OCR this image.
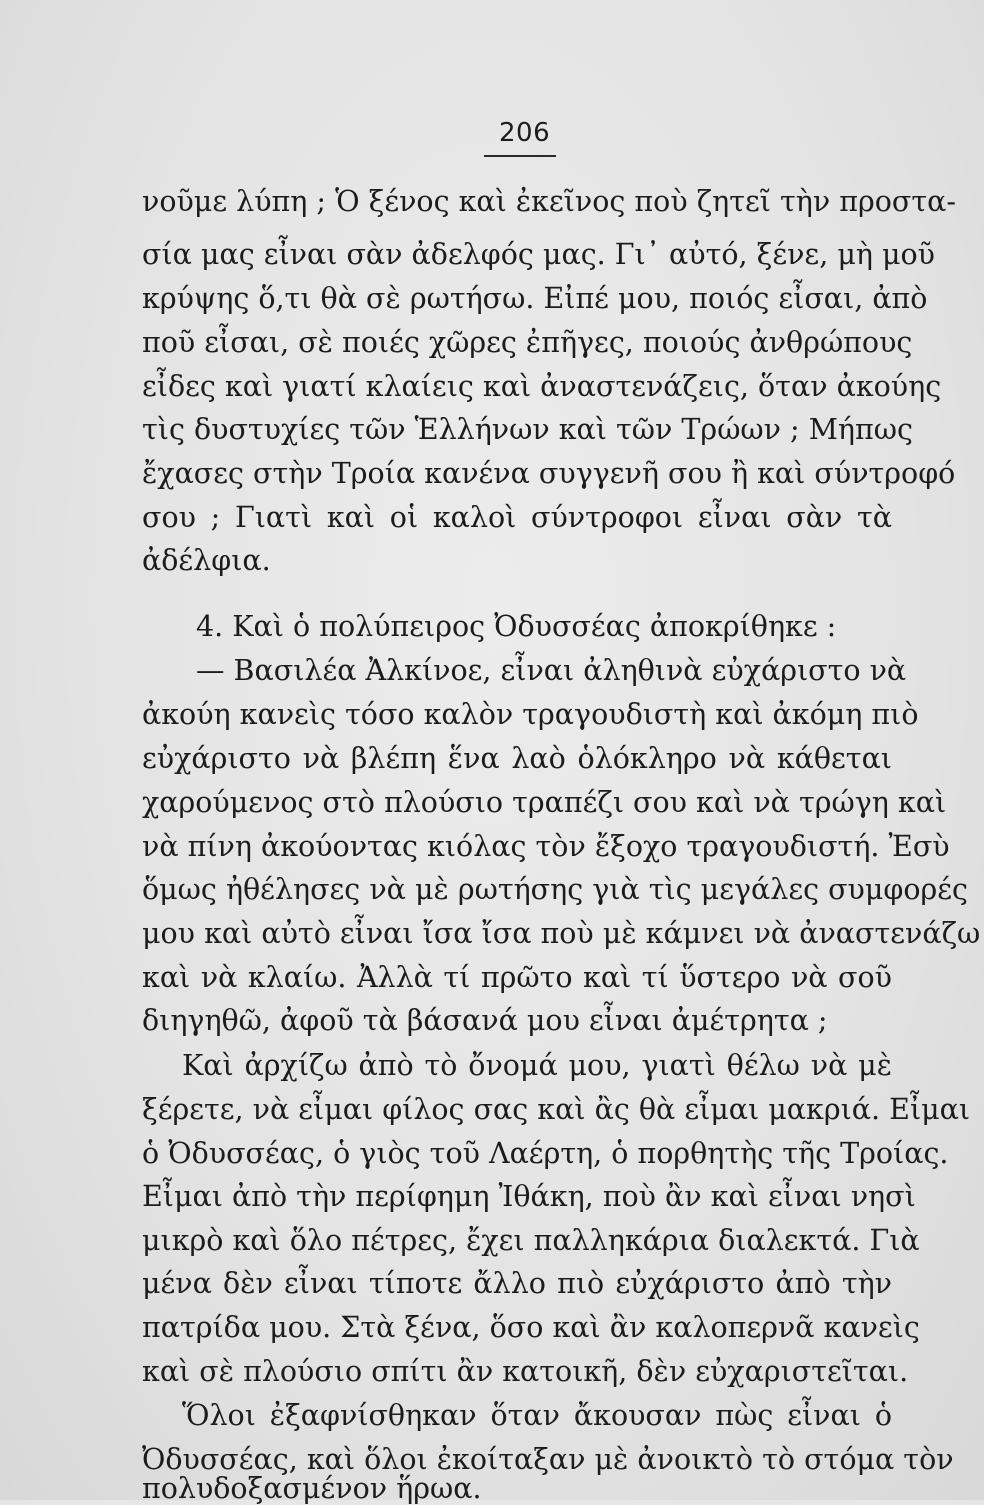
206
νοῦμε λύπη ; Ὁ ξένος καὶ ἐκεῖνος ποὺ ζητεῖ τὴν προστα-
σία μας εἶναι σὰν ἀδελφός μας. Γι᾽ αὐτό, ξένε, μὴ μοῦ
κρύψης ὅ,τι θὰ σὲ ρωτήσω. Εἰπέ μου, ποιός εἶσαι, ἀπὸ
ποῦ εἶσαι, σὲ ποιές χῶρες ἐπῆγες, ποιούς ἀνθρώπους
εἶδες καὶ γιατί κλαίεις καὶ ἀναστενάζεις, ὅταν ἀκούης
τὶς δυστυχίες τῶν Ἑλλήνων καὶ τῶν Τρώων ; Μήπως
ἔχασες στὴν Τροία κανένα συγγενῆ σου ἢ καὶ σύντροφό
σου ; Γιατὶ καὶ οἱ καλοὶ σύντροφοι εἶναι σὰν τὰ
ἀδέλφια.
4. Καὶ ὁ πολύπειρος Ὀδυσσέας ἀποκρίθηκε :
— Βασιλέα Ἀλκίνοε, εἶναι ἀληθινὰ εὐχάριστο νὰ
ἀκούη κανεὶς τόσο καλὸν τραγουδιστὴ καὶ ἀκόμη πιὸ
εὐχάριστο νὰ βλέπη ἕνα λαὸ ὁλόκληρο νὰ κάθεται
χαρούμενος στὸ πλούσιο τραπέζι σου καὶ νὰ τρώγη καὶ
νὰ πίνη ἀκούοντας κιόλας τὸν ἔξοχο τραγουδιστή. Ἐσὺ
ὅμως ἠθέλησες νὰ μὲ ρωτήσης γιὰ τὶς μεγάλες συμφορές
μου καὶ αὐτὸ εἶναι ἴσα ἴσα ποὺ μὲ κάμνει νὰ ἀναστενάζω
καὶ νὰ κλαίω. Ἀλλὰ τί πρῶτο καὶ τί ὕστερο νὰ σοῦ
διηγηθῶ, ἀφοῦ τὰ βάσανά μου εἶναι ἀμέτρητα ;
Καὶ ἀρχίζω ἀπὸ τὸ ὄνομά μου, γιατὶ θέλω νὰ μὲ
ξέρετε, νὰ εἶμαι φίλος σας καὶ ἂς θὰ εἶμαι μακριά. Εἶμαι
ὁ Ὀδυσσέας, ὁ γιὸς τοῦ Λαέρτη, ὁ πορθητὴς τῆς Τροίας.
Εἶμαι ἀπὸ τὴν περίφημη Ἰθάκη, ποὺ ἂν καὶ εἶναι νησὶ
μικρὸ καὶ ὅλο πέτρες, ἔχει παλληκάρια διαλεκτά. Γιὰ
μένα δὲν εἶναι τίποτε ἄλλο πιὸ εὐχάριστο ἀπὸ τὴν
πατρίδα μου. Στὰ ξένα, ὅσο καὶ ἂν καλοπερνᾶ κανεὶς
καὶ σὲ πλούσιο σπίτι ἂν κατοικῆ, δὲν εὐχαριστεῖται.
Ὅλοι ἐξαφνίσθηκαν ὅταν ἄκουσαν πὼς εἶναι ὁ
Ὀδυσσέας, καὶ ὅλοι ἐκοίταξαν μὲ ἀνοικτὸ τὸ στόμα τὸν
πολυδοξασμένον ἥρωα.
